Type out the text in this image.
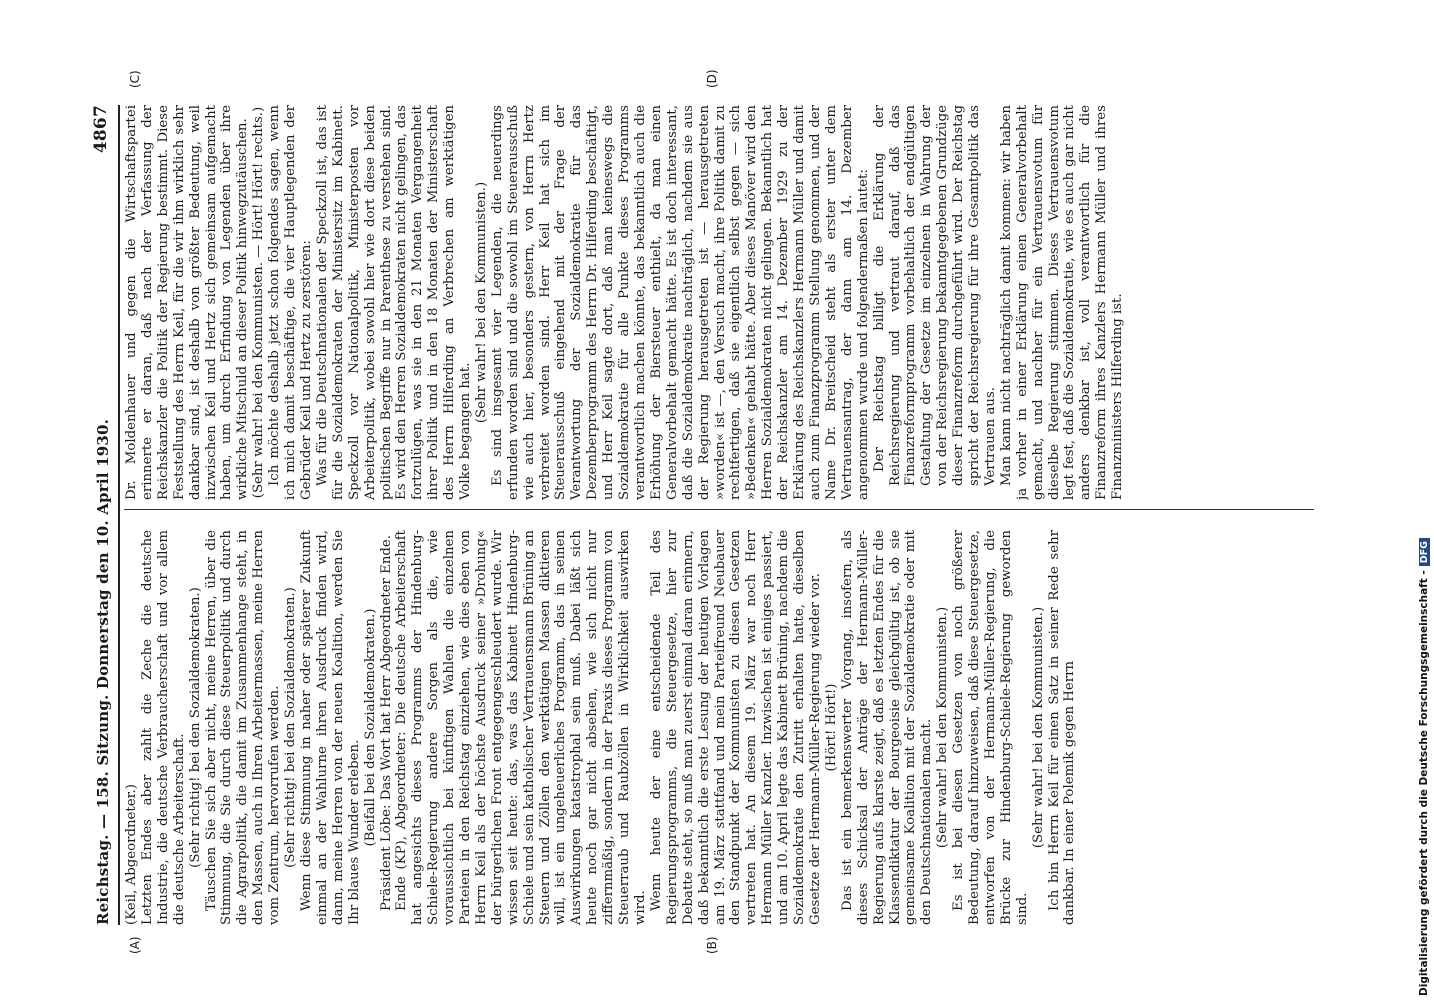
Reichstag. — 158. Sitzung. Donnerstag den 10. April 1930.
4867
(A)	(B)
(C)	(D)

(Keil, Abgeordneter.) Letzten Endes aber zahlt die Zeche die deutsche Industrie, die deutsche Verbraucherschaft und vor allem die deutsche Arbeiterschaft. (Sehr richtig! bei den Sozialdemokraten.) Täuschen Sie sich aber nicht, meine Herren, über die Stimmung, die Sie durch diese Steuerpolitik und durch die Agrarpolitik, die damit im Zusammenhange steht, in den Massen, auch in Ihren Arbeitermassen, meine Herren vom Zentrum, hervorrufen werden. (Sehr richtig! bei den Sozialdemokraten.) Wenn diese Stimmung in naher oder späterer Zukunft einmal an der Wahlurne ihren Ausdruck finden wird, dann, meine Herren von der neuen Koalition, werden Sie Ihr blaues Wunder erleben. (Beifall bei den Sozialdemokraten.) Präsident Löbe: Das Wort hat Herr Abgeordneter Ende. Ende (KP), Abgeordneter: Die deutsche Arbeiterschaft hat angesichts dieses Programms der Hindenburg-Schiele-Regierung andere Sorgen als die, wie voraussichtlich bei künftigen Wahlen die einzelnen Parteien in den Reichstag einziehen, wie dies eben von Herrn Keil als der höchste Ausdruck seiner »Drohung« der bürgerlichen Front entgegengeschleudert wurde. Wir wissen seit heute: das, was das Kabinett Hindenburg-Schiele und sein katholischer Vertrauensmann Brüning an Steuern und Zöllen den werktätigen Massen diktieren will, ist ein ungeheuerliches Programm, das in seinen Auswirkungen katastrophal sein muß. Dabei läßt sich heute noch gar nicht absehen, wie sich nicht nur ziffernmäßig, sondern in der Praxis dieses Programm von Steuerraub und Raubzöllen in Wirklichkeit auswirken wird. Wenn heute der eine entscheidende Teil des Regierungsprogramms, die Steuergesetze, hier zur Debatte steht, so muß man zuerst einmal daran erinnern, daß bekanntlich die erste Lesung der heutigen Vorlagen am 19. März stattfand und mein Parteifreund Neubauer den Standpunkt der Kommunisten zu diesen Gesetzen vertreten hat. An diesem 19. März war noch Herr Hermann Müller Kanzler. Inzwischen ist einiges passiert, und am 10. April legte das Kabinett Brüning, nachdem die Sozialdemokratie den Zutritt erhalten hatte, dieselben Gesetze der Hermann-Müller-Regierung wieder vor. (Hört! Hört!) Das ist ein bemerkenswerter Vorgang, insofern, als dieses Schicksal der Anträge der Hermann-Müller-Regierung aufs klarste zeigt, daß es letzten Endes für die Klassendiktatur der Bourgeoisie gleichgültig ist, ob sie gemeinsame Koalition mit der Sozialdemokratie oder mit den Deutschnationalen macht. (Sehr wahr! bei den Kommunisten.) Es ist bei diesen Gesetzen von noch größerer Bedeutung, darauf hinzuweisen, daß diese Steuergesetze, entworfen von der Hermann-Müller-Regierung, die Brücke zur Hindenburg-Schiele-Regierung geworden sind.

(Sehr wahr! bei den Kommunisten.) Ich bin Herrn Keil für einen Satz in seiner Rede sehr dankbar. In einer Polemik gegen Herrn

Dr. Moldenhauer und gegen die Wirtschaftspartei erinnerte er daran, daß nach der Verfassung der Reichskanzler die Politik der Regierung bestimmt. Diese Feststellung des Herrn Keil, für die wir ihm wirklich sehr dankbar sind, ist deshalb von größter Bedeutung, weil inzwischen Keil und Hertz sich gemeinsam aufgemacht haben, um durch Erfindung von Legenden über ihre wirkliche Mitschuld an dieser Politik hinwegzutäuschen. (Sehr wahr! bei den Kommunisten. — Hört! Hört! rechts.) Ich möchte deshalb jetzt schon folgendes sagen, wenn ich mich damit beschäftige, die vier Hauptlegenden der Gebrüder Keil und Hertz zu zerstören: Was für die Deutschnationalen der Speckzoll ist, das ist für die Sozialdemokraten der Ministersitz im Kabinett. Speckzoll vor Nationalpolitik, Ministerposten vor Arbeiterpolitik, wobei sowohl hier wie dort diese beiden politischen Begriffe nur in Parenthese zu verstehen sind. Es wird den Herren Sozialdemokraten nicht gelingen, das fortzulügen, was sie in den 21 Monaten Vergangenheit ihrer Politik und in den 18 Monaten der Ministerschaft des Herrn Hilferding an Verbrechen am werktätigen Volke begangen hat.

(Sehr wahr! bei den Kommunisten.) Es sind insgesamt vier Legenden, die neuerdings erfunden worden sind und die sowohl im Steuerausschuß wie auch hier, besonders gestern, von Herrn Hertz verbreitet worden sind. Herr Keil hat sich im Steuerausschuß eingehend mit der Frage der Verantwortung der Sozialdemokratie für das Dezemberprogramm des Herrn Dr. Hilferding beschäftigt, und Herr Keil sagte dort, daß man keineswegs die Sozialdemokratie für alle Punkte dieses Programms verantwortlich machen könnte, das bekanntlich auch die Erhöhung der Biersteuer enthielt, da man einen Generalvorbehalt gemacht hätte. Es ist doch interessant, daß die Sozialdemokratie nachträglich, nachdem sie aus der Regierung herausgetreten ist — herausgetreten »worden« ist —, den Versuch macht, ihre Politik damit zu rechtfertigen, daß sie eigentlich selbst gegen — sich »Bedenken« gehabt hätte. Aber dieses Manöver wird den Herren Sozialdemokraten nicht gelingen. Bekanntlich hat der Reichskanzler am 14. Dezember 1929 zu der Erklärung des Reichskanzlers Hermann Müller und damit auch zum Finanzprogramm Stellung genommen, und der Name Dr. Breitscheid steht als erster unter dem Vertrauensantrag, der dann am 14. Dezember angenommen wurde und folgendermaßen lautet: Der Reichstag billigt die Erklärung der Reichsregierung und vertraut darauf, daß das Finanzreformprogramm vorbehaltlich der endgültigen Gestaltung der Gesetze im einzelnen in Wahrung der von der Reichsregierung bekanntgegebenen Grundzüge dieser Finanzreform durchgeführt wird. Der Reichstag spricht der Reichsregierung für ihre Gesamtpolitik das Vertrauen aus. Man kann nicht nachträglich damit kommen: wir haben ja vorher in einer Erklärung einen Generalvorbehalt gemacht, und nachher für ein Vertrauensvotum für dieselbe Regierung stimmen. Dieses Vertrauensvotum legt fest, daß die Sozialdemokratie, wie es auch gar nicht anders denkbar ist, voll verantwortlich für die Finanzreform ihres Kanzlers Hermann Müller und ihres Finanzministers Hilferding ist.

Digitalisierung gefördert durch die Deutsche Forschungsgemeinschaft -DFG
